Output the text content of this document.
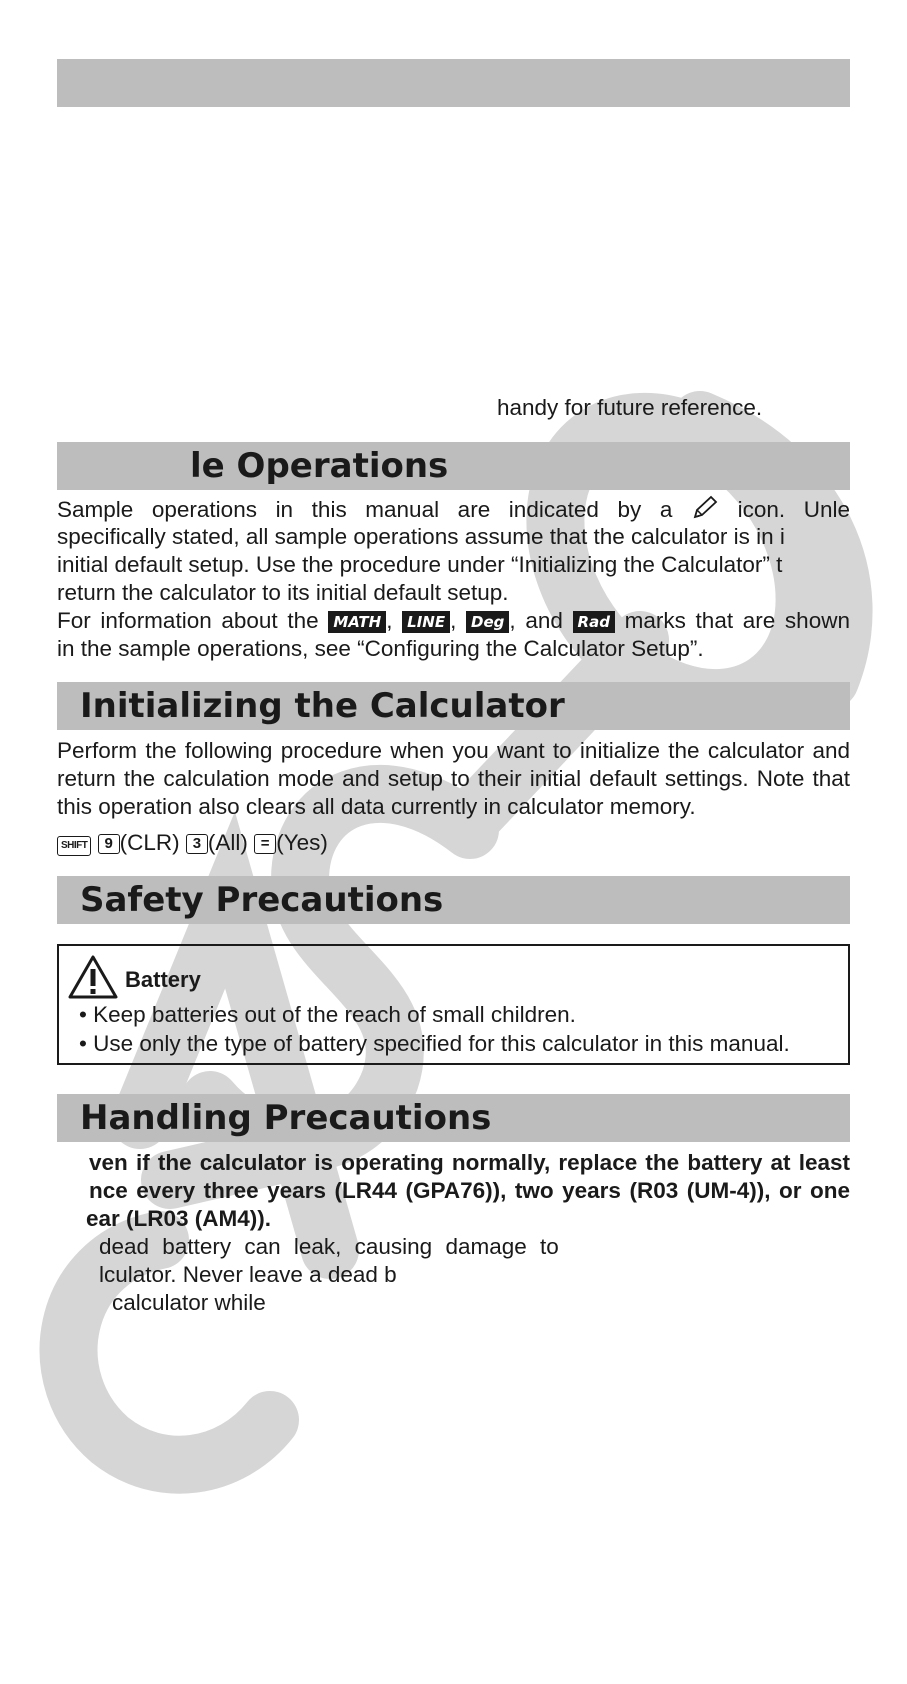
handy for future reference.
le Operations
Sample operations in this manual are indicated by a	icon. Unle
specifically stated, all sample operations assume that the calculator is in i
initial default setup. Use the procedure under “Initializing the Calculator” t
return the calculator to its initial default setup.
For information about the MATH , LINE , Deg , and Rad marks that are shown
in the sample operations, see “Configuring the Calculator Setup”.
Initializing the Calculator
Perform the following procedure when you want to initialize the calculator and
return the calculation mode and setup to their initial default settings. Note that
this operation also clears all data currently in calculator memory.
SHIFT 9 (CLR) 3 (All) = (Yes)
Safety Precautions
Battery
• Keep batteries out of the reach of small children.
• Use only the type of battery specified for this calculator in this manual.
Handling Precautions
ven if the calculator is operating normally, replace the battery at least
nce every three years (LR44 (GPA76)), two years (R03 (UM-4)), or one
ear (LR03 (AM4)).
dead battery can leak, causing damage to
lculator. Never leave a dead b
calculator while
